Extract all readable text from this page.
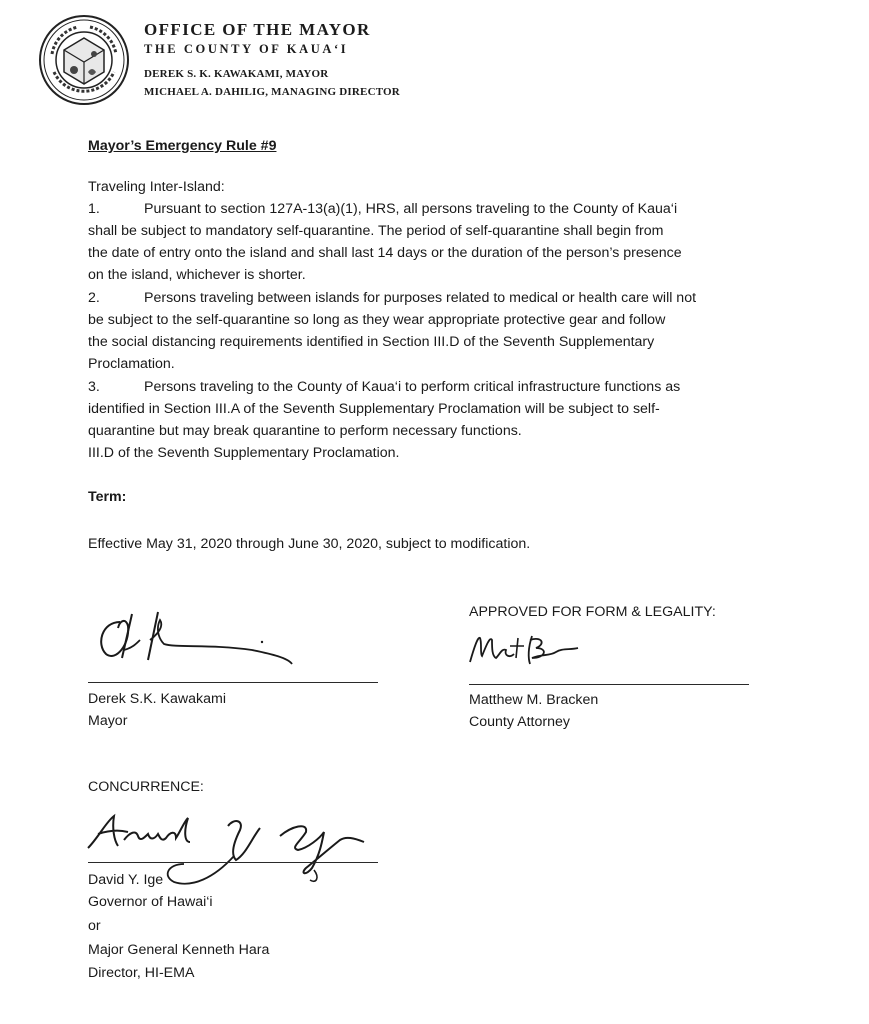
OFFICE OF THE MAYOR
THE COUNTY OF KAUA‘I
DEREK S. K. KAWAKAMI, MAYOR
MICHAEL A. DAHILIG, MANAGING DIRECTOR
Mayor’s Emergency Rule #9
Traveling Inter-Island:
1.	Pursuant to section 127A-13(a)(1), HRS, all persons traveling to the County of Kaua‘i
shall be subject to mandatory self-quarantine. The period of self-quarantine shall begin from
the date of entry onto the island and shall last 14 days or the duration of the person’s presence
on the island, whichever is shorter.
2.	Persons traveling between islands for purposes related to medical or health care will not
be subject to the self-quarantine so long as they wear appropriate protective gear and follow
the social distancing requirements identified in Section III.D of the Seventh Supplementary
Proclamation.
3.	Persons traveling to the County of Kaua‘i to perform critical infrastructure functions as
identified in Section III.A of the Seventh Supplementary Proclamation will be subject to self-
quarantine but may break quarantine to perform necessary functions.
III.D of the Seventh Supplementary Proclamation.
Term:
Effective May 31, 2020 through June 30, 2020, subject to modification.
Derek S.K. Kawakami
Mayor
APPROVED FOR FORM & LEGALITY:
Matthew M. Bracken
County Attorney
CONCURRENCE:
David Y. Ige
Governor of Hawai‘i
or
Major General Kenneth Hara
Director, HI-EMA
